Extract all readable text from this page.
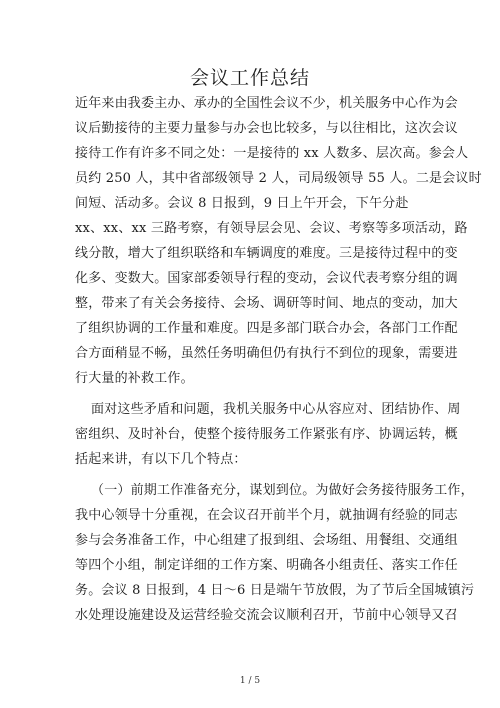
会议工作总结
近年来由我委主办、承办的全国性会议不少，机关服务中心作为会
议后勤接待的主要力量参与办会也比较多，与以往相比，这次会议
接待工作有许多不同之处：一是接待的 xx 人数多、层次高。参会人
员约 250 人，其中省部级领导 2 人，司局级领导 55 人。二是会议时
间短、活动多。会议 8 日报到，9 日上午开会，下午分赴
xx、xx、xx 三路考察，有领导层会见、会议、考察等多项活动，路
线分散，增大了组织联络和车辆调度的难度。三是接待过程中的变
化多、变数大。国家部委领导行程的变动，会议代表考察分组的调
整，带来了有关会务接待、会场、调研等时间、地点的变动，加大
了组织协调的工作量和难度。四是多部门联合办会，各部门工作配
合方面稍显不畅，虽然任务明确但仍有执行不到位的现象，需要进
行大量的补救工作。
面对这些矛盾和问题，我机关服务中心从容应对、团结协作、周
密组织、及时补台，使整个接待服务工作紧张有序、协调运转，概
括起来讲，有以下几个特点：
（一）前期工作准备充分，谋划到位。为做好会务接待服务工作，
我中心领导十分重视，在会议召开前半个月，就抽调有经验的同志
参与会务准备工作，中心组建了报到组、会场组、用餐组、交通组
等四个小组，制定详细的工作方案、明确各小组责任、落实工作任
务。会议 8 日报到，4 日～6 日是端午节放假，为了节后全国城镇污
水处理设施建设及运营经验交流会议顺利召开，节前中心领导又召
1 / 5
